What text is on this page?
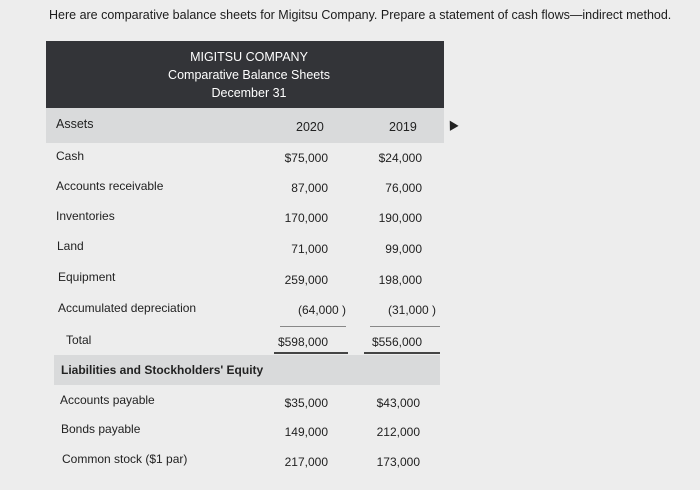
Here are comparative balance sheets for Migitsu Company. Prepare a statement of cash flows—indirect method.
MIGITSU COMPANY
Comparative Balance Sheets
December 31
Assets	2020	2019
Cash	$75,000	$24,000
Accounts receivable	87,000	76,000
Inventories	170,000	190,000
Land	71,000	99,000
Equipment	259,000	198,000
Accumulated depreciation	(64,000 )	(31,000 )
Total	$598,000	$556,000
Liabilities and Stockholders' Equity
Accounts payable	$35,000	$43,000
Bonds payable	149,000	212,000
Common stock ($1 par)	217,000	173,000
